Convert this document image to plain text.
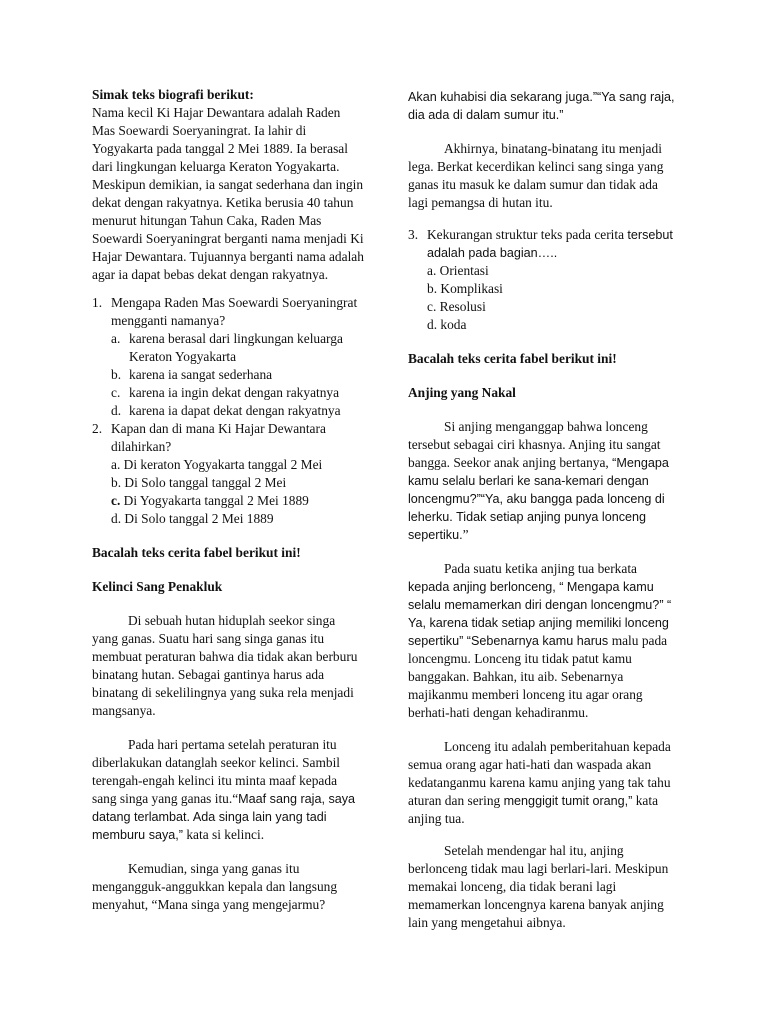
Simak teks biografi berikut:

Nama kecil Ki Hajar Dewantara adalah Raden Mas Soewardi Soeryaningrat. Ia lahir di Yogyakarta pada tanggal 2 Mei 1889. Ia berasal dari lingkungan keluarga Keraton Yogyakarta. Meskipun demikian, ia sangat sederhana dan ingin dekat dengan rakyatnya. Ketika berusia 40 tahun menurut hitungan Tahun Caka, Raden Mas Soewardi Soeryaningrat berganti nama menjadi Ki Hajar Dewantara. Tujuannya berganti nama adalah agar ia dapat bebas dekat dengan rakyatnya.

1. Mengapa Raden Mas Soewardi Soeryaningrat mengganti namanya?
a. karena berasal dari lingkungan keluarga Keraton Yogyakarta
b. karena ia sangat sederhana
c. karena ia ingin dekat dengan rakyatnya
d. karena ia dapat dekat dengan rakyatnya
2. Kapan dan di mana Ki Hajar Dewantara dilahirkan?
a. Di keraton Yogyakarta tanggal 2 Mei
b. Di Solo tanggal tanggal 2 Mei
c. Di Yogyakarta tanggal 2 Mei 1889
d. Di Solo tanggal 2 Mei 1889

Bacalah teks cerita fabel berikut ini!

Kelinci Sang Penakluk

Di sebuah hutan hiduplah seekor singa yang ganas. Suatu hari sang singa ganas itu membuat peraturan bahwa dia tidak akan berburu binatang hutan. Sebagai gantinya harus ada binatang di sekelilingnya yang suka rela menjadi mangsanya.

Pada hari pertama setelah peraturan itu diberlakukan datanglah seekor kelinci. Sambil terengah-engah kelinci itu minta maaf kepada sang singa yang ganas itu.“Maaf sang raja, saya datang terlambat. Ada singa lain yang tadi memburu saya,” kata si kelinci.

Kemudian, singa yang ganas itu mengangguk-anggukkan kepala dan langsung menyahut, “Mana singa yang mengejarmu?

Akan kuhabisi dia sekarang juga.”“Ya sang raja, dia ada di dalam sumur itu.”

Akhirnya, binatang-binatang itu menjadi lega. Berkat kecerdikan kelinci sang singa yang ganas itu masuk ke dalam sumur dan tidak ada lagi pemangsa di hutan itu.

3. Kekurangan struktur teks pada cerita tersebut adalah pada bagian…..
a. Orientasi
b. Komplikasi
c. Resolusi
d. koda

Bacalah teks cerita fabel berikut ini!

Anjing yang Nakal

Si anjing menganggap bahwa lonceng tersebut sebagai ciri khasnya. Anjing itu sangat bangga. Seekor anak anjing bertanya, “Mengapa kamu selalu berlari ke sana-kemari dengan loncengmu?”“Ya, aku bangga pada lonceng di leherku. Tidak setiap anjing punya lonceng sepertiku.”

Pada suatu ketika anjing tua berkata kepada anjing berlonceng, “ Mengapa kamu selalu memamerkan diri dengan loncengmu?” “ Ya, karena tidak setiap anjing memiliki lonceng sepertiku” “Sebenarnya kamu harus malu pada loncengmu. Lonceng itu tidak patut kamu banggakan. Bahkan, itu aib. Sebenarnya majikanmu memberi lonceng itu agar orang berhati-hati dengan kehadiranmu.

Lonceng itu adalah pemberitahuan kepada semua orang agar hati-hati dan waspada akan kedatanganmu karena kamu anjing yang tak tahu aturan dan sering menggigit tumit orang,” kata anjing tua.

Setelah mendengar hal itu, anjing berlonceng tidak mau lagi berlari-lari. Meskipun memakai lonceng, dia tidak berani lagi memamerkan loncengnya karena banyak anjing lain yang mengetahui aibnya.
